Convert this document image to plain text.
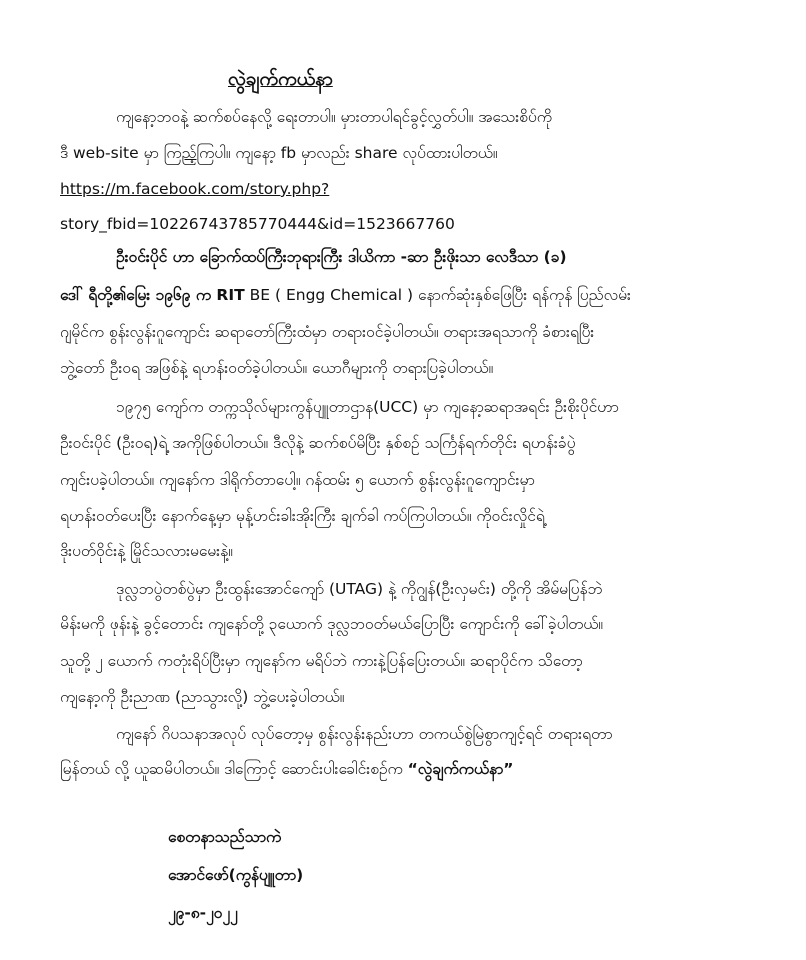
လွဲချက်ကယ်နာ
ကျနော့ဘဝနဲ့ ဆက်စပ်နေလို့ ရေးတာပါ။ မှားတာပါရင်ခွင့်လွှတ်ပါ။ အသေးစိပ်ကို
ဒီ web-site မှာ ကြည့်ကြပါ။ ကျနော့ fb မှာလည်း share လုပ်ထားပါတယ်။
https://m.facebook.com/story.php?
story_fbid=10226743785770444&id=1523667760
ဦးဝင်းပိုင် ဟာ ခြောက်ထပ်ကြီးဘုရားကြီး ဒါယိကာ -ဆာ ဦးဖိုးသာ လေဒီသာ (ခ)
ဒေါ် ရီတို့၏မြေး ၁၉၆၉ က RIT BE ( Engg Chemical ) နောက်ဆုံးနှစ်ဖြေပြီး ရန်ကုန် ပြည်လမ်း
ဂျမိုင်က စွန်းလွန်းဂူကျောင်း ဆရာတော်ကြီးထံမှာ တရားဝင်ခဲ့ပါတယ်။ တရားအရသာကို ခံစားရပြီး
ဘွဲ့တော် ဦးဝရ အဖြစ်နဲ့ ရဟန်းဝတ်ခဲ့ပါတယ်။ ယောဂီများကို တရားပြခဲ့ပါတယ်။
၁၉၇၅ ကျော်က တက္ကသိုလ်များကွန်ပျူတာဌာန(UCC) မှာ ကျနော့ဆရာအရင်း ဦးစိုးပိုင်ဟာ
ဦးဝင်းပိုင် (ဦးဝရ)ရဲ့ အကိုဖြစ်ပါတယ်။ ဒီလိုနဲ့ ဆက်စပ်မိပြီး နှစ်စဉ် သင်္ကြန်ရက်တိုင်း ရဟန်းခံပွဲ
ကျင်းပခဲ့ပါတယ်။ ကျနော်က ဒါရိုက်တာပေါ့။ ဂန်ထမ်း ၅ ယောက် စွန်းလွန်းဂူကျောင်းမှာ
ရဟန်းဝတ်ပေးပြီး နောက်နေ့မှာ မုန့်ဟင်းခါးအိုးကြီး ချက်ခါ ကပ်ကြပါတယ်။ ကိုဝင်းလှိုင်ရဲ့
ဒိုးပတ်ဝိုင်းနဲ့ မြိုင်သလားမမေးနဲ့။
ဒုလ္လဘပွဲတစ်ပွဲမှာ ဦးထွန်းအောင်ကျော် (UTAG) နဲ့ ကိုဂျွန်(ဦးလှမင်း) တို့ကို အိမ်မပြန်ဘဲ
မိန်းမကို ဖုန်းနဲ့ ခွင့်တောင်း ကျနော်တို့ ၃ယောက် ဒုလ္လဘဝတ်မယ်ပြောပြီး ကျောင်းကို ခေါ်ခဲ့ပါတယ်။
သူတို့ ၂ ယောက် ကတုံးရိပ်ပြီးမှာ ကျနော်က မရိပ်ဘဲ ကားနဲ့ပြန်ပြေးတယ်။ ဆရာပိုင်က သိတော့
ကျနော့ကို ဦးညာဏ (ညာသွားလို့) ဘွဲ့ပေးခဲ့ပါတယ်။
ကျနော် ဂိပသနာအလုပ် လုပ်တော့မှ စွန်းလွန်းနည်းဟာ တကယ်စွဲမြဲစွာကျင့်ရင် တရားရတာ
မြန်တယ် လို့ ယူဆမိပါတယ်။ ဒါကြောင့် ဆောင်းပါးခေါင်းစဉ်က “လွဲချက်ကယ်နာ”
စေတနာသည်သာကဲ
အောင်ဖော်(ကွန်ပျူတာ)
၂၉-၈-၂၀၂၂
